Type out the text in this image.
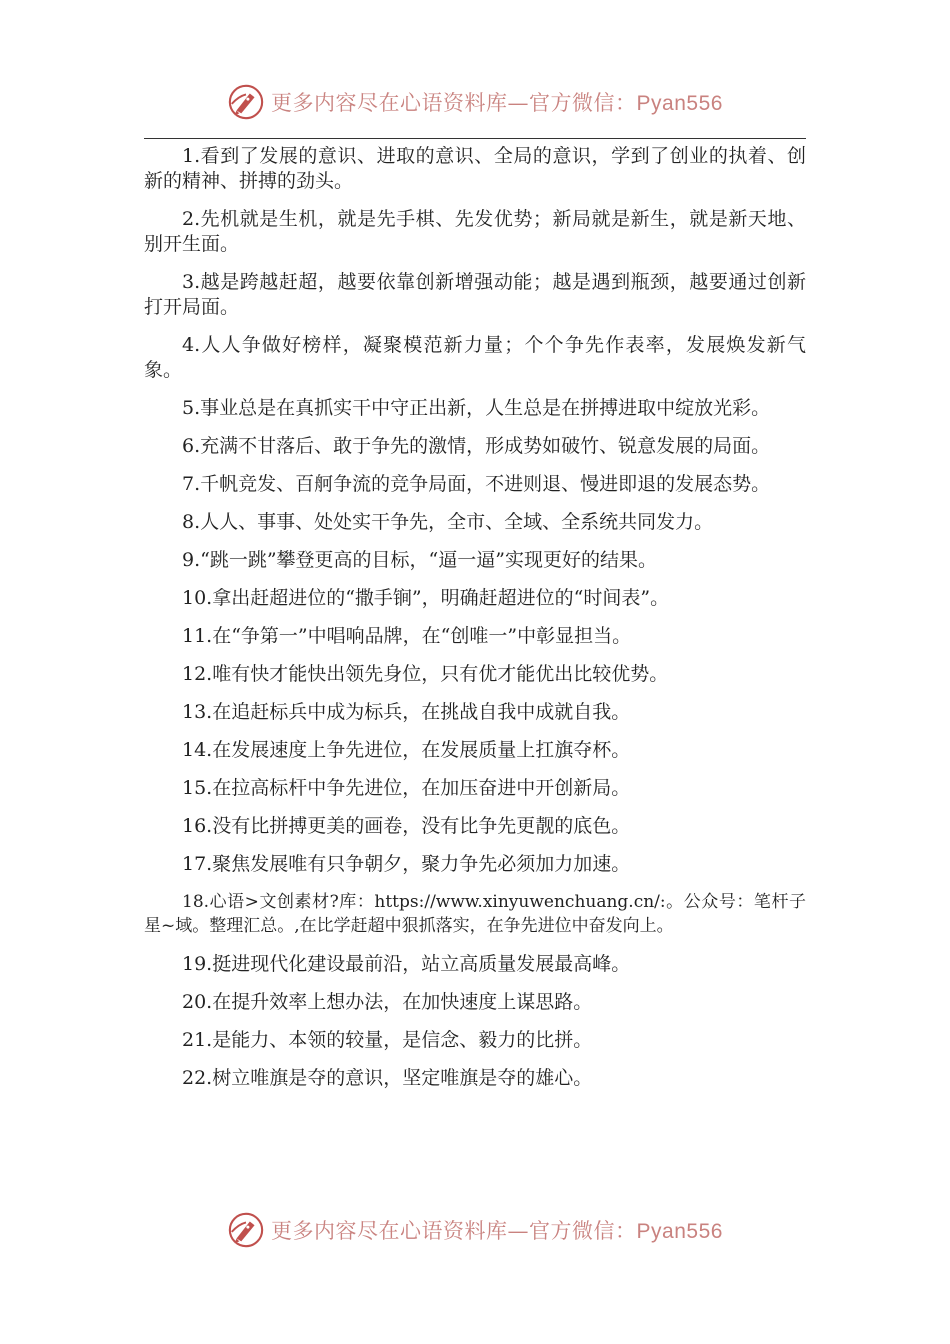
更多内容尽在心语资料库—官方微信：Pyan556

1.看到了发展的意识、进取的意识、全局的意识，学到了创业的执着、创新的精神、拼搏的劲头。

2.先机就是生机，就是先手棋、先发优势；新局就是新生，就是新天地、别开生面。

3.越是跨越赶超，越要依靠创新增强动能；越是遇到瓶颈，越要通过创新打开局面。

4.人人争做好榜样，凝聚模范新力量；个个争先作表率，发展焕发新气象。

5.事业总是在真抓实干中守正出新，人生总是在拼搏进取中绽放光彩。

6.充满不甘落后、敢于争先的激情，形成势如破竹、锐意发展的局面。

7.千帆竞发、百舸争流的竞争局面，不进则退、慢进即退的发展态势。

8.人人、事事、处处实干争先，全市、全域、全系统共同发力。

9.“跳一跳”攀登更高的目标，“逼一逼”实现更好的结果。

10.拿出赶超进位的“撒手锏”，明确赶超进位的“时间表”。

11.在“争第一”中唱响品牌，在“创唯一”中彰显担当。

12.唯有快才能快出领先身位，只有优才能优出比较优势。

13.在追赶标兵中成为标兵，在挑战自我中成就自我。

14.在发展速度上争先进位，在发展质量上扛旗夺杯。

15.在拉高标杆中争先进位，在加压奋进中开创新局。

16.没有比拼搏更美的画卷，没有比争先更靓的底色。

17.聚焦发展唯有只争朝夕，聚力争先必须加力加速。

18.心语>文创素材?库：https://www.xinyuwenchuang.cn/:。公众号：笔杆子星~域。整理汇总。,在比学赶超中狠抓落实，在争先进位中奋发向上。

19.挺进现代化建设最前沿，站立高质量发展最高峰。

20.在提升效率上想办法，在加快速度上谋思路。

21.是能力、本领的较量，是信念、毅力的比拼。

22.树立唯旗是夺的意识，坚定唯旗是夺的雄心。

更多内容尽在心语资料库—官方微信：Pyan556
